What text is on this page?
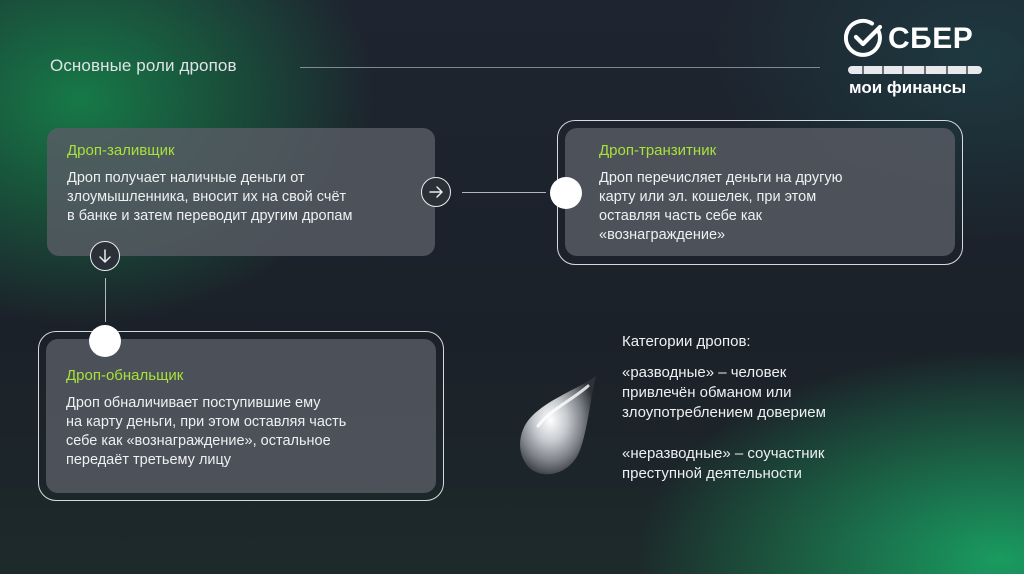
Основные роли дропов
СБЕР
мои финансы
Дроп-заливщик
Дроп получает наличные деньги от
злоумышленника, вносит их на свой счёт
в банке и затем переводит другим дропам
Дроп-транзитник
Дроп перечисляет деньги на другую
карту или эл. кошелек, при этом
оставляя часть себе как
«вознаграждение»
Дроп-обнальщик
Дроп обналичивает поступившие ему
на карту деньги, при этом оставляя часть
себе как «вознаграждение», остальное
передаёт третьему лицу
Категории дропов:
«разводные» – человек
привлечён обманом или
злоупотреблением доверием
«неразводные» – соучастник
преступной деятельности
